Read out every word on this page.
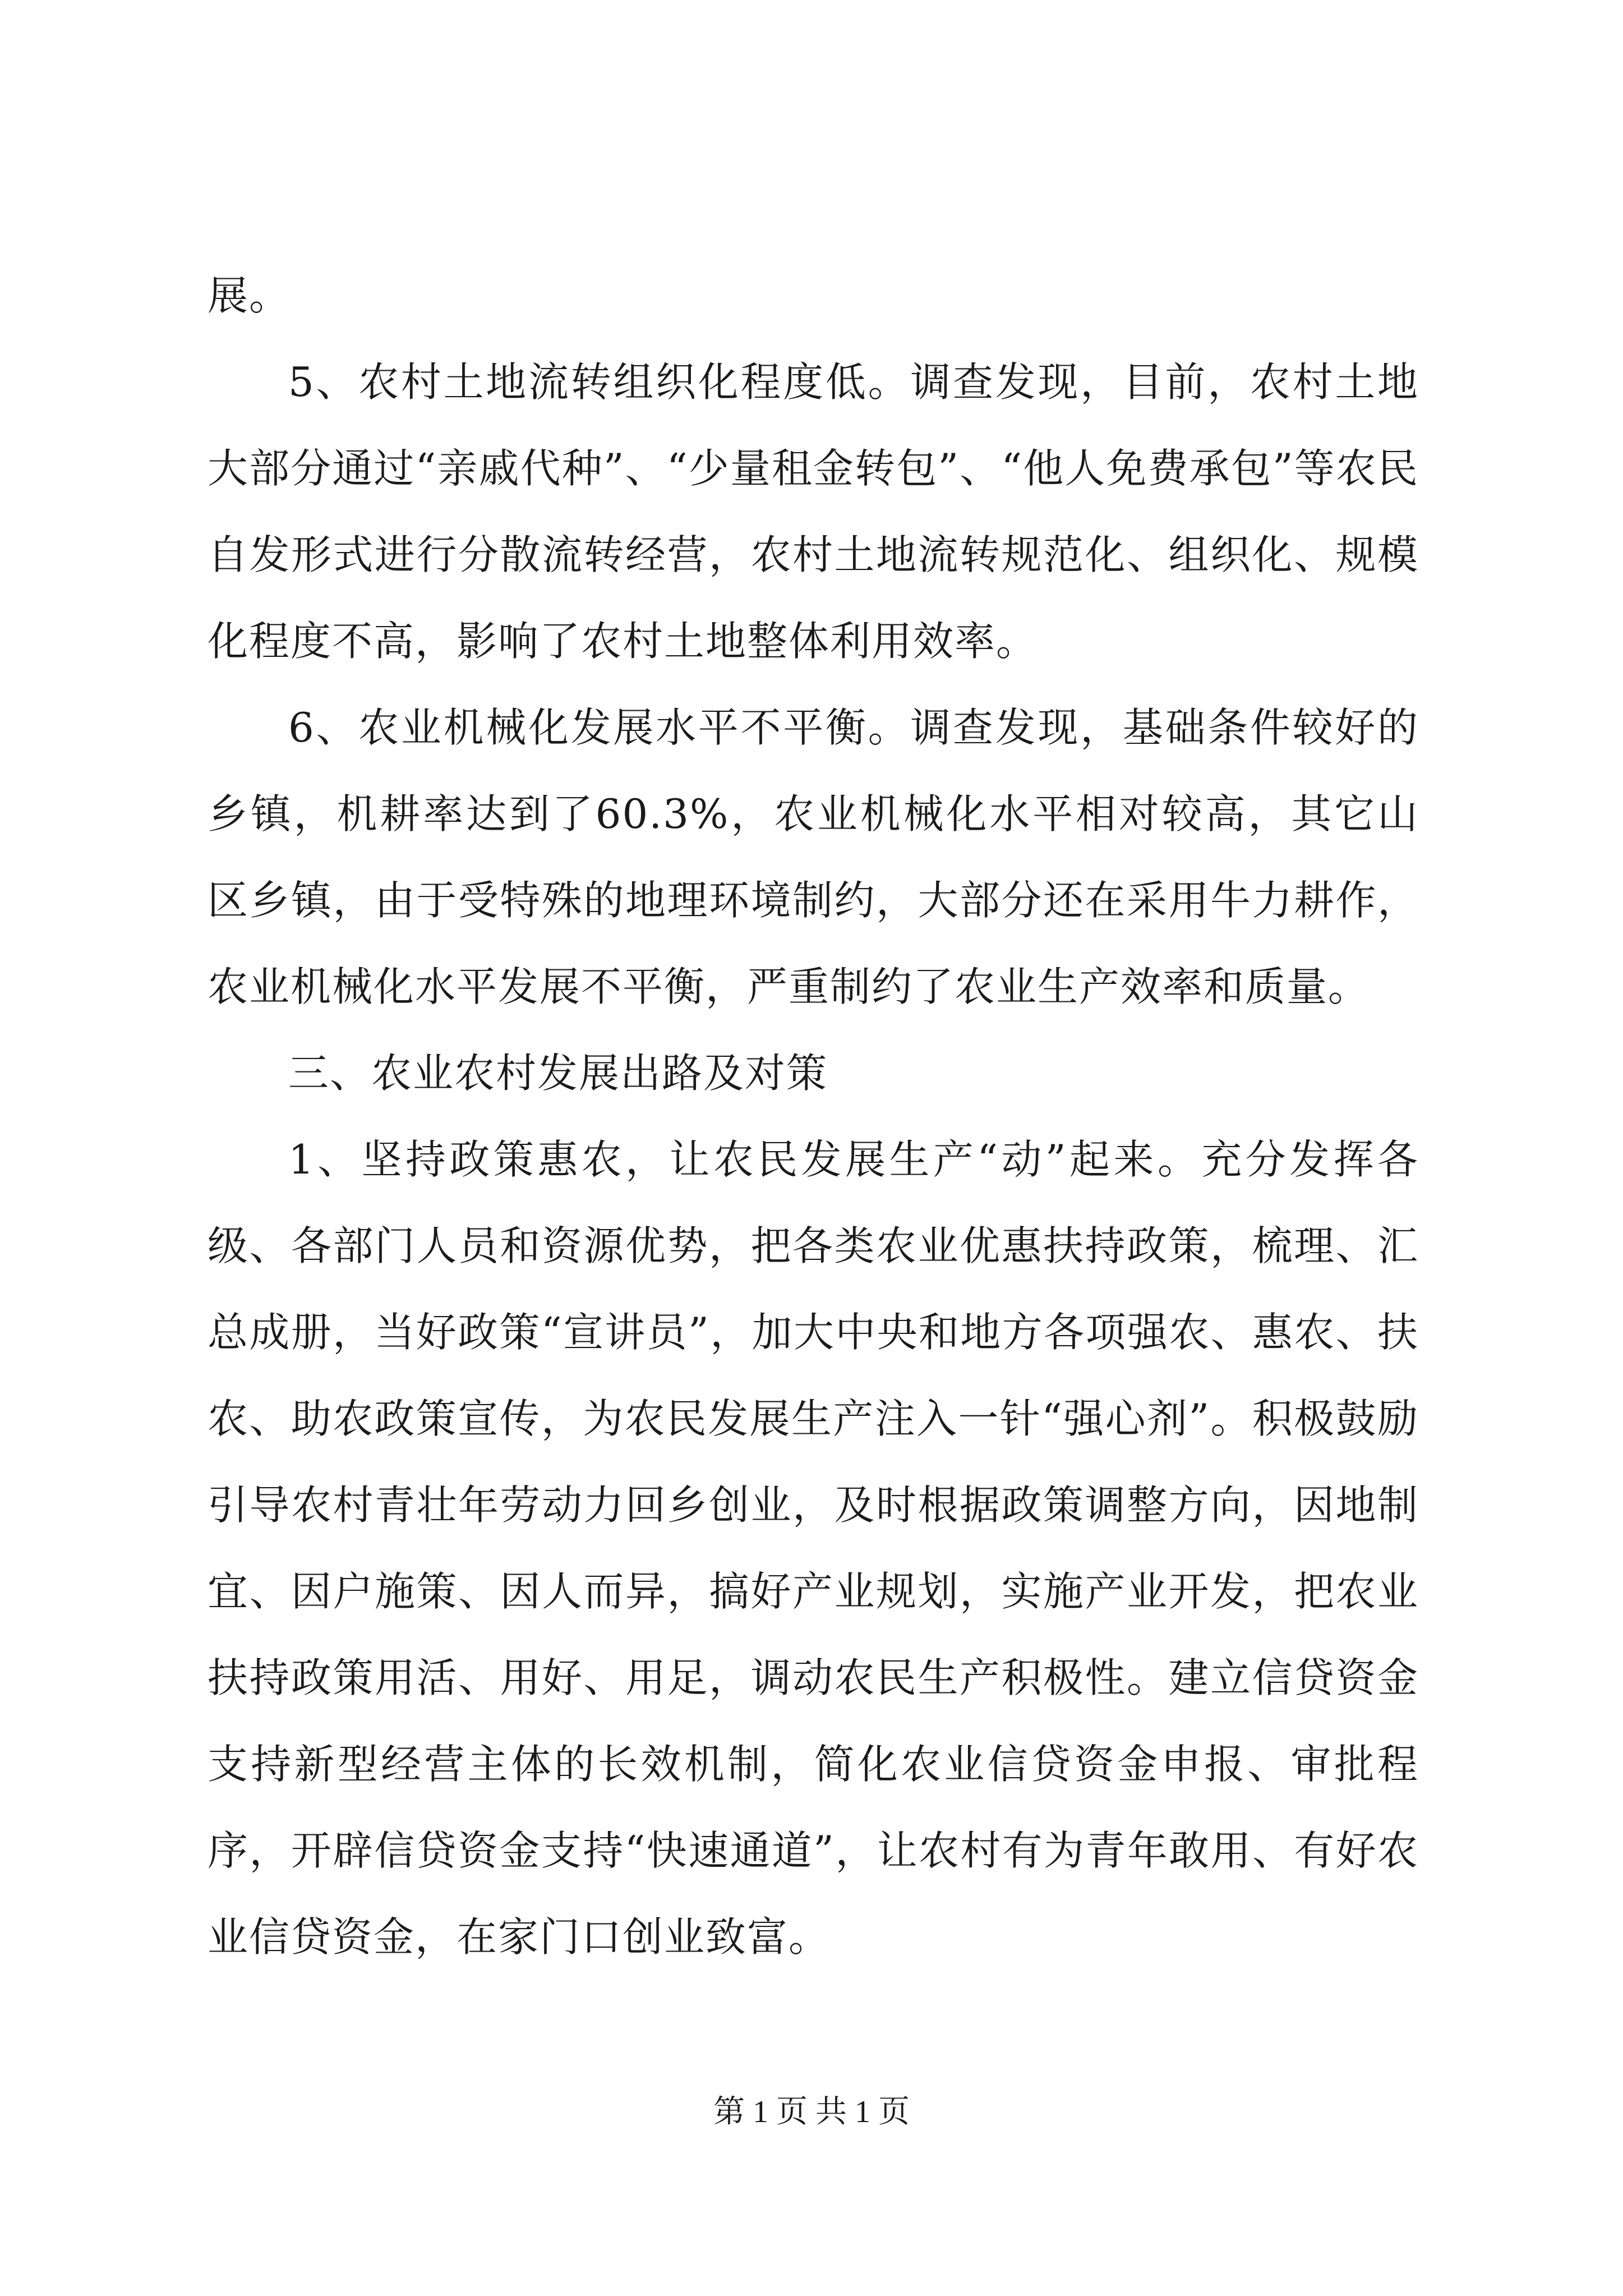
展。

5、农村土地流转组织化程度低。调查发现，目前，农村土地大部分通过“亲戚代种”、“少量租金转包”、“他人免费承包”等农民自发形式进行分散流转经营，农村土地流转规范化、组织化、规模化程度不高，影响了农村土地整体利用效率。

6、农业机械化发展水平不平衡。调查发现，基础条件较好的乡镇，机耕率达到了60.3%，农业机械化水平相对较高，其它山区乡镇，由于受特殊的地理环境制约，大部分还在采用牛力耕作，农业机械化水平发展不平衡，严重制约了农业生产效率和质量。

三、农业农村发展出路及对策

1、坚持政策惠农，让农民发展生产“动”起来。充分发挥各级、各部门人员和资源优势，把各类农业优惠扶持政策，梳理、汇总成册，当好政策“宣讲员”，加大中央和地方各项强农、惠农、扶农、助农政策宣传，为农民发展生产注入一针“强心剂”。积极鼓励引导农村青壮年劳动力回乡创业，及时根据政策调整方向，因地制宜、因户施策、因人而异，搞好产业规划，实施产业开发，把农业扶持政策用活、用好、用足，调动农民生产积极性。建立信贷资金支持新型经营主体的长效机制，简化农业信贷资金申报、审批程序，开辟信贷资金支持“快速通道”，让农村有为青年敢用、有好农业信贷资金，在家门口创业致富。

第 1 页 共 1 页
